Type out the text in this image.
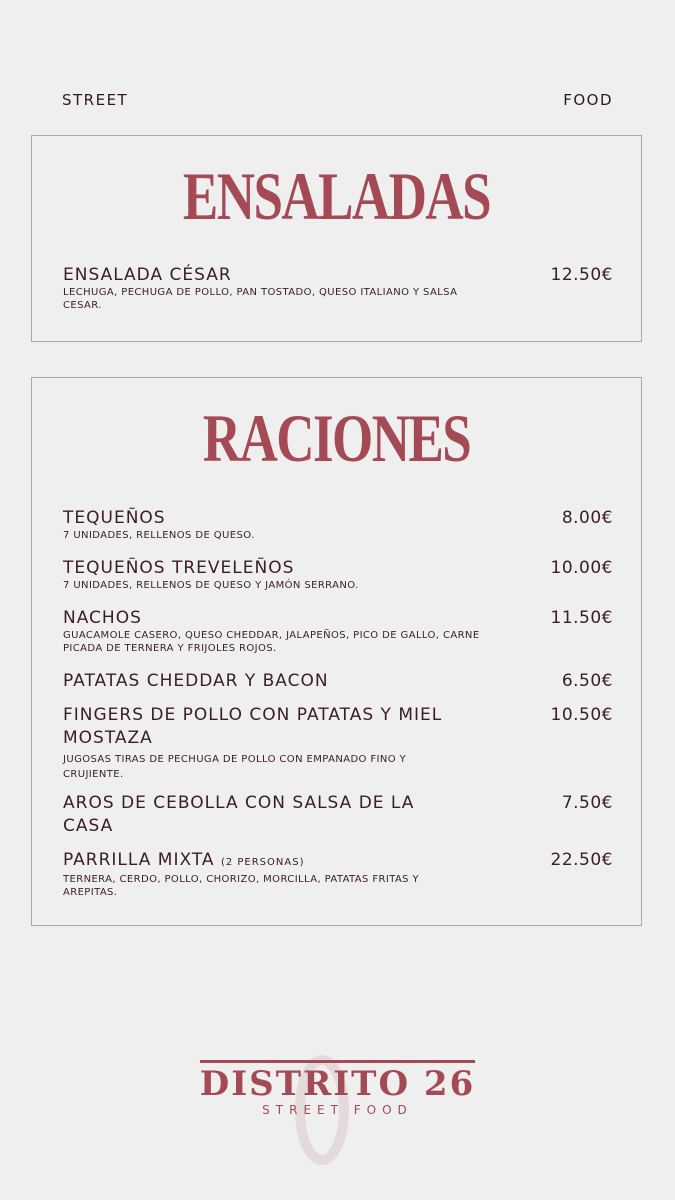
STREET	FOOD
ENSALADAS
ENSALADA CÉSAR
LECHUGA, PECHUGA DE POLLO, PAN TOSTADO, QUESO ITALIANO Y SALSA CESAR.
12.50€
RACIONES
TEQUEÑOS
7 UNIDADES, RELLENOS DE QUESO.
8.00€
TEQUEÑOS TREVELEÑOS
7 UNIDADES, RELLENOS DE QUESO Y JAMÓN SERRANO.
10.00€
NACHOS
GUACAMOLE CASERO, QUESO CHEDDAR, JALAPEÑOS, PICO DE GALLO, CARNE PICADA DE TERNERA Y FRIJOLES ROJOS.
11.50€
PATATAS CHEDDAR Y BACON	6.50€
FINGERS DE POLLO CON PATATAS Y MIEL MOSTAZA
JUGOSAS TIRAS DE PECHUGA DE POLLO CON EMPANADO FINO Y CRUJIENTE.
10.50€
AROS DE CEBOLLA CON SALSA DE LA CASA
7.50€
PARRILLA MIXTA (2 PERSONAS)
TERNERA, CERDO, POLLO, CHORIZO, MORCILLA, PATATAS FRITAS Y AREPITAS.
22.50€
DISTRITO 26
STREET FOOD
